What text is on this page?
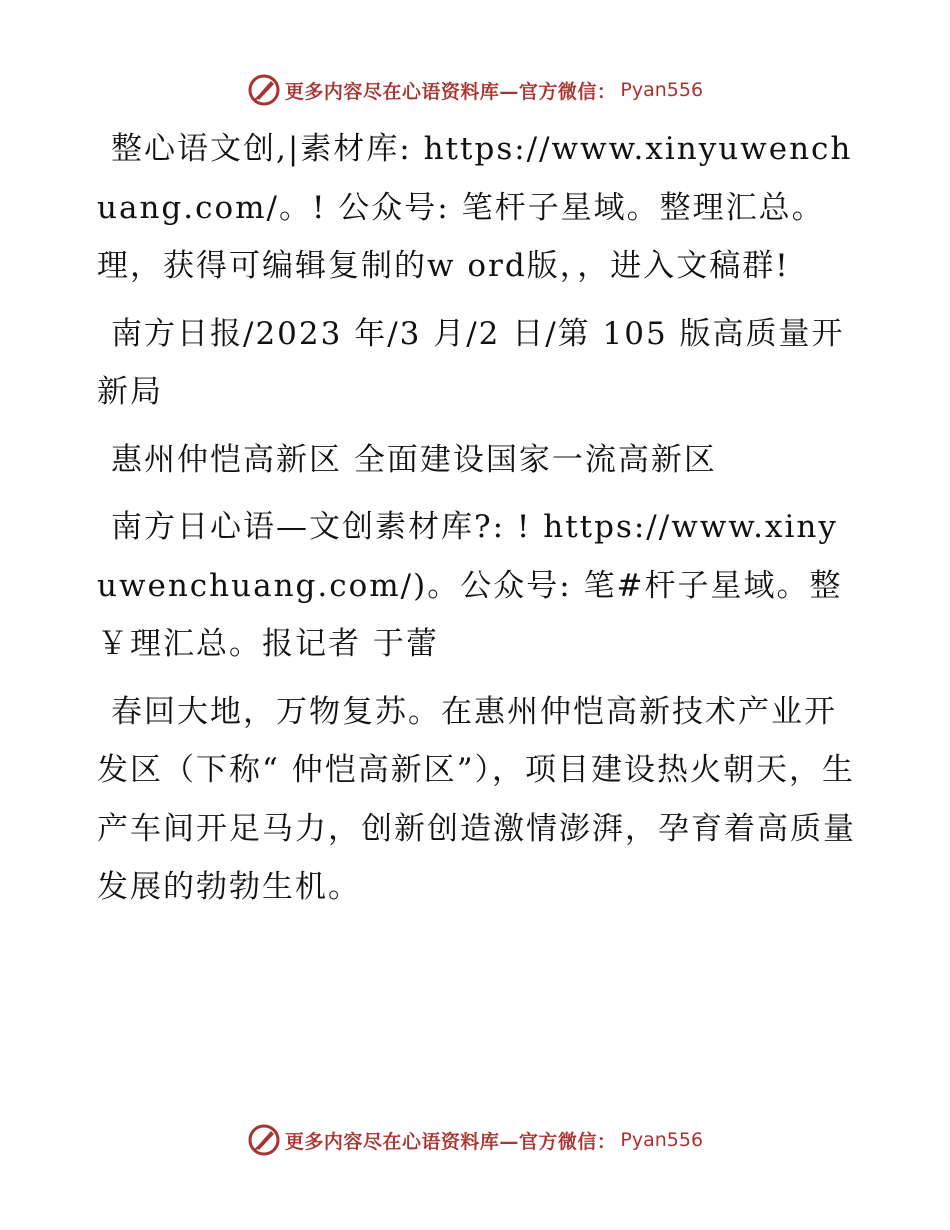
更多内容尽在心语资料库—官方微信： Pyan556

整心语文创,|素材库: https://www.xinyuwenchuang.com/。! 公众号: 笔杆子星域。整理汇总。理，获得可编辑复制的w ord版，，进入文稿群!

南方日报/2023 年/3 月/2 日/第 105 版高质量开新局

惠州仲恺高新区 全面建设国家一流高新区

南方日心语—文创素材库?: ! https://www.xinyuwenchuang.com/)。公众号: 笔#杆子星域。整￥理汇总。报记者 于蕾

春回大地，万物复苏。在惠州仲恺高新技术产业开发区（下称“ 仲恺高新区”），项目建设热火朝天，生产车间开足马力，创新创造激情澎湃，孕育着高质量发展的勃勃生机。

更多内容尽在心语资料库—官方微信： Pyan556
